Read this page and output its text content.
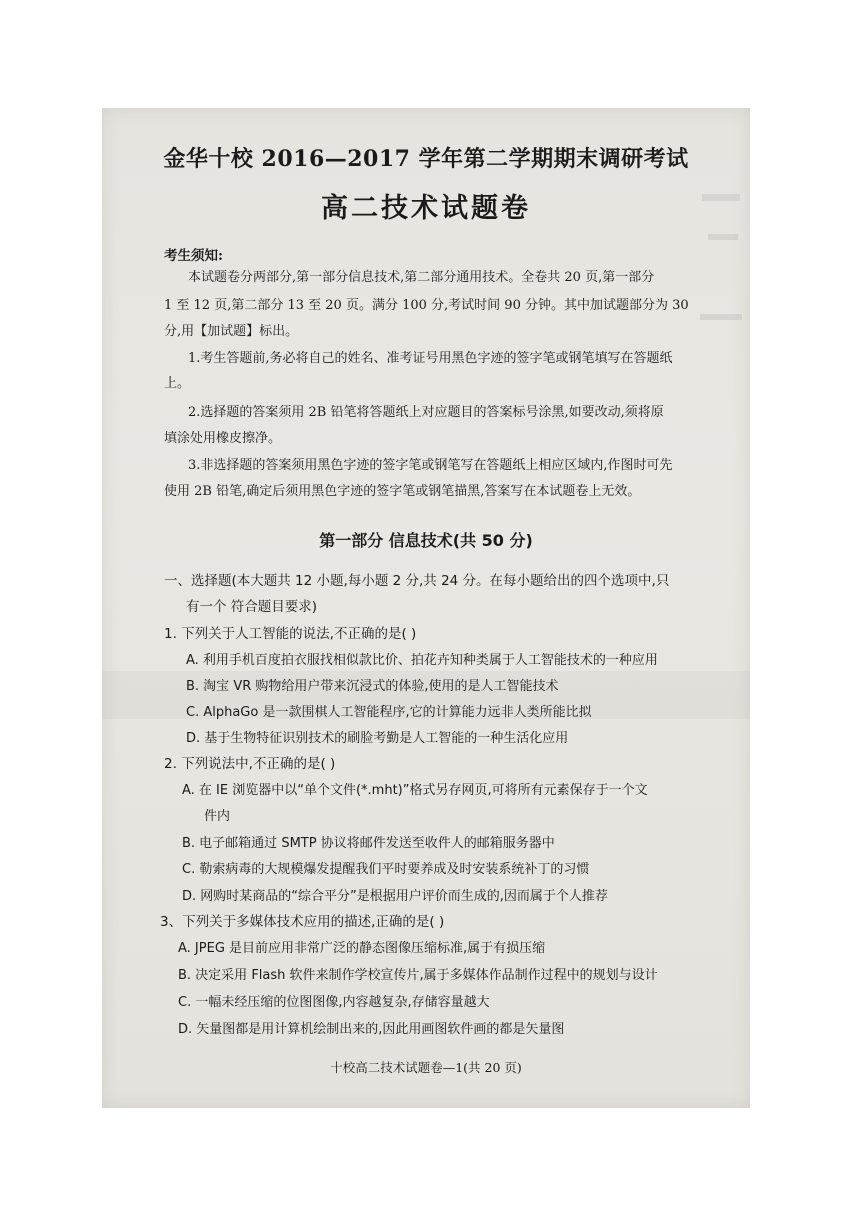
金华十校 2016—2017 学年第二学期期末调研考试
高二技术试题卷
考生须知:
本试题卷分两部分,第一部分信息技术,第二部分通用技术。全卷共 20 页,第一部分
1 至 12 页,第二部分 13 至 20 页。满分 100 分,考试时间 90 分钟。其中加试题部分为 30
分,用【加试题】标出。
1.考生答题前,务必将自己的姓名、准考证号用黑色字迹的签字笔或钢笔填写在答题纸
上。
2.选择题的答案须用 2B 铅笔将答题纸上对应题目的答案标号涂黑,如要改动,须将原
填涂处用橡皮擦净。
3.非选择题的答案须用黑色字迹的签字笔或钢笔写在答题纸上相应区域内,作图时可先
使用 2B 铅笔,确定后须用黑色字迹的签字笔或钢笔描黑,答案写在本试题卷上无效。
第一部分 信息技术(共 50 分)
一、选择题(本大题共 12 小题,每小题 2 分,共 24 分。在每小题给出的四个选项中,只
有一个 符合题目要求)
1. 下列关于人工智能的说法,不正确的是( )
A. 利用手机百度拍衣服找相似款比价、拍花卉知种类属于人工智能技术的一种应用
B. 淘宝 VR 购物给用户带来沉浸式的体验,使用的是人工智能技术
C. AlphaGo 是一款围棋人工智能程序,它的计算能力远非人类所能比拟
D. 基于生物特征识别技术的刷脸考勤是人工智能的一种生活化应用
2. 下列说法中,不正确的是( )
A. 在 IE 浏览器中以“单个文件(*.mht)”格式另存网页,可将所有元素保存于一个文
件内
B. 电子邮箱通过 SMTP 协议将邮件发送至收件人的邮箱服务器中
C. 勒索病毒的大规模爆发提醒我们平时要养成及时安装系统补丁的习惯
D. 网购时某商品的“综合平分”是根据用户评价而生成的,因而属于个人推荐
3、下列关于多媒体技术应用的描述,正确的是( )
A. JPEG 是目前应用非常广泛的静态图像压缩标准,属于有损压缩
B. 决定采用 Flash 软件来制作学校宣传片,属于多媒体作品制作过程中的规划与设计
C. 一幅未经压缩的位图图像,内容越复杂,存储容量越大
D. 矢量图都是用计算机绘制出来的,因此用画图软件画的都是矢量图
十校高二技术试题卷—1(共 20 页)
